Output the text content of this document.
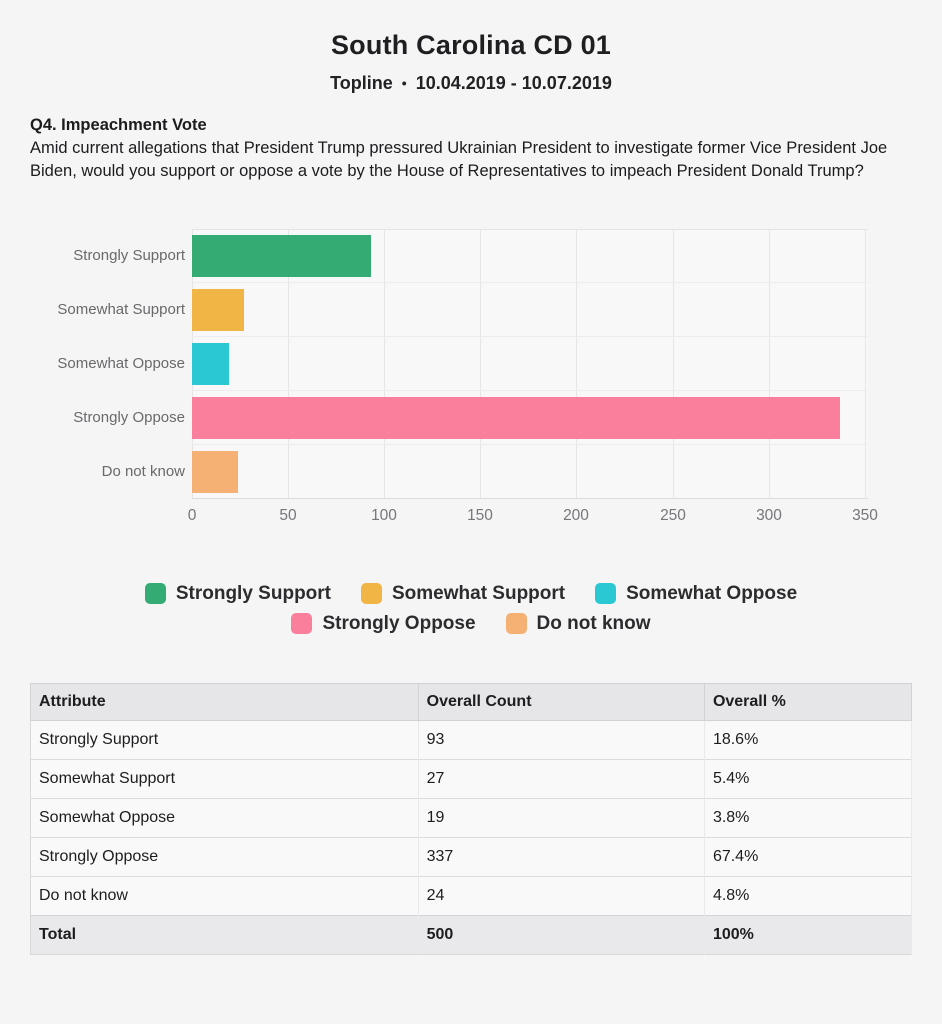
South Carolina CD 01
Topline • 10.04.2019 - 10.07.2019
Q4. Impeachment Vote

Amid current allegations that President Trump pressured Ukrainian President to investigate former Vice President Joe Biden, would you support or oppose a vote by the House of Representatives to impeach President Donald Trump?

Strongly Support
Somewhat Support
Somewhat Oppose
Strongly Oppose
Do not know
0	50	100	150	200	250	300	350
Strongly Support	Somewhat Support	Somewhat Oppose
Strongly Oppose	Do not know
Attribute	Overall Count	Overall %
Strongly Support	93	18.6%
Somewhat Support	27	5.4%
Somewhat Oppose	19	3.8%
Strongly Oppose	337	67.4%
Do not know	24	4.8%
Total	500	100%
